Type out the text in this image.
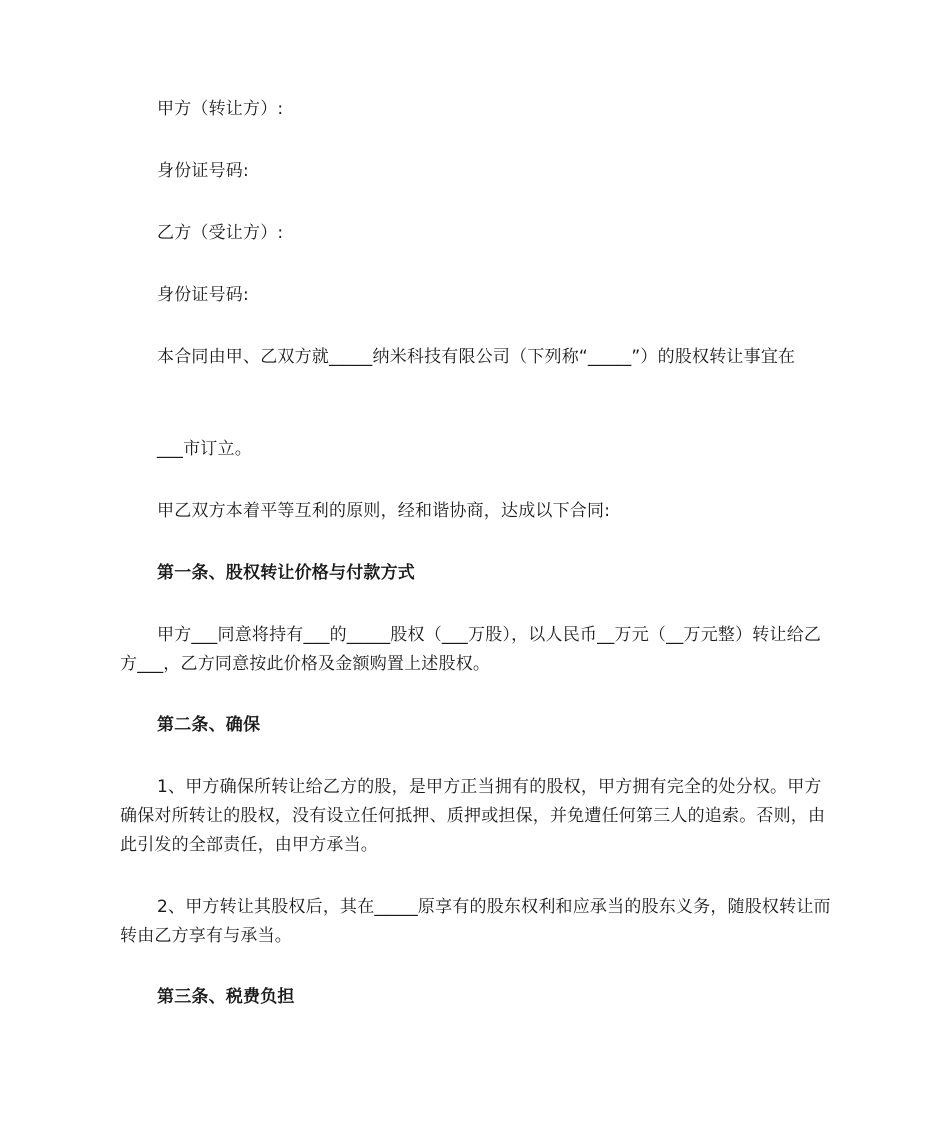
甲方（转让方）:

身份证号码:

乙方（受让方）:

身份证号码:

本合同由甲、乙双方就_____纳米科技有限公司（下列称“_____”）的股权转让事宜在

___市订立。

甲乙双方本着平等互利的原则，经和谐协商，达成以下合同:

第一条、股权转让价格与付款方式

甲方___同意将持有___的_____股权（___万股），以人民币__万元（__万元整）转让给乙方___，乙方同意按此价格及金额购置上述股权。

第二条、确保

1、甲方确保所转让给乙方的股，是甲方正当拥有的股权，甲方拥有完全的处分权。甲方确保对所转让的股权，没有设立任何抵押、质押或担保，并免遭任何第三人的追索。否则，由此引发的全部责任，由甲方承当。

2、甲方转让其股权后，其在_____原享有的股东权利和应承当的股东义务，随股权转让而转由乙方享有与承当。

第三条、税费负担
